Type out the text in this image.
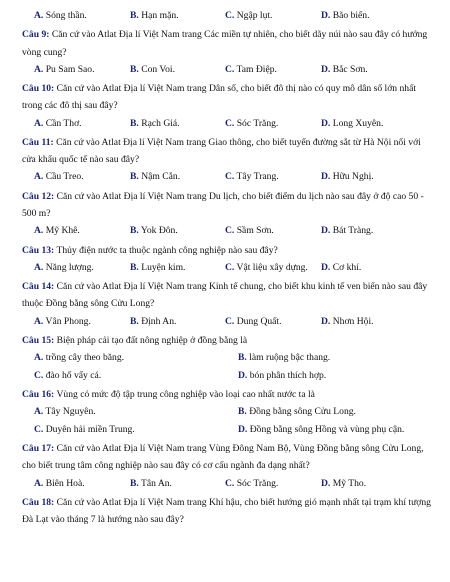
A. Sóng thần.	B. Hạn mặn.	C. Ngập lụt.	D. Bão biển.

Câu 9: Căn cứ vào Atlat Địa lí Việt Nam trang Các miền tự nhiên, cho biết dãy núi nào sau đây có hướng vòng cung?

A. Pu Sam Sao.	B. Con Voi.	C. Tam Điệp.	D. Bắc Sơn.

Câu 10: Căn cứ vào Atlat Địa lí Việt Nam trang Dân số, cho biết đô thị nào có quy mô dân số lớn nhất trong các đô thị sau đây?

A. Cần Thơ.	B. Rạch Giá.	C. Sóc Trăng.	D. Long Xuyên.

Câu 11: Căn cứ vào Atlat Địa lí Việt Nam trang Giao thông, cho biết tuyến đường sắt từ Hà Nội nối với cửa khẩu quốc tế nào sau đây?

A. Cầu Treo.	B. Nậm Cắn.	C. Tây Trang.	D. Hữu Nghị.

Câu 12: Căn cứ vào Atlat Địa lí Việt Nam trang Du lịch, cho biết điểm du lịch nào sau đây ở độ cao 50 - 500 m?

A. Mỹ Khê.	B. Yok Đôn.	C. Sầm Sơn.	D. Bát Tràng.

Câu 13: Thủy điện nước ta thuộc ngành công nghiệp nào sau đây?

A. Năng lượng.	B. Luyện kim.	C. Vật liệu xây dựng.	D. Cơ khí.

Câu 14: Căn cứ vào Atlat Địa lí Việt Nam trang Kinh tế chung, cho biết khu kinh tế ven biển nào sau đây thuộc Đồng bằng sông Cửu Long?

A. Vân Phong.	B. Định An.	C. Dung Quất.	D. Nhơn Hội.

Câu 15: Biện pháp cải tạo đất nông nghiệp ở đồng bằng là

A. trồng cây theo băng.	B. làm ruộng bậc thang.
C. đào hố vẩy cá.	D. bón phân thích hợp.

Câu 16: Vùng có mức độ tập trung công nghiệp vào loại cao nhất nước ta là

A. Tây Nguyên.	B. Đồng bằng sông Cửu Long.
C. Duyên hải miền Trung.	D. Đồng bằng sông Hồng và vùng phụ cận.

Câu 17: Căn cứ vào Atlat Địa lí Việt Nam trang Vùng Đông Nam Bộ, Vùng Đồng bằng sông Cửu Long, cho biết trung tâm công nghiệp nào sau đây có cơ cấu ngành đa dạng nhất?

A. Biên Hoà.	B. Tân An.	C. Sóc Trăng.	D. Mỹ Tho.

Câu 18: Căn cứ vào Atlat Địa lí Việt Nam trang Khí hậu, cho biết hướng gió mạnh nhất tại trạm khí tượng Đà Lạt vào tháng 7 là hướng nào sau đây?
